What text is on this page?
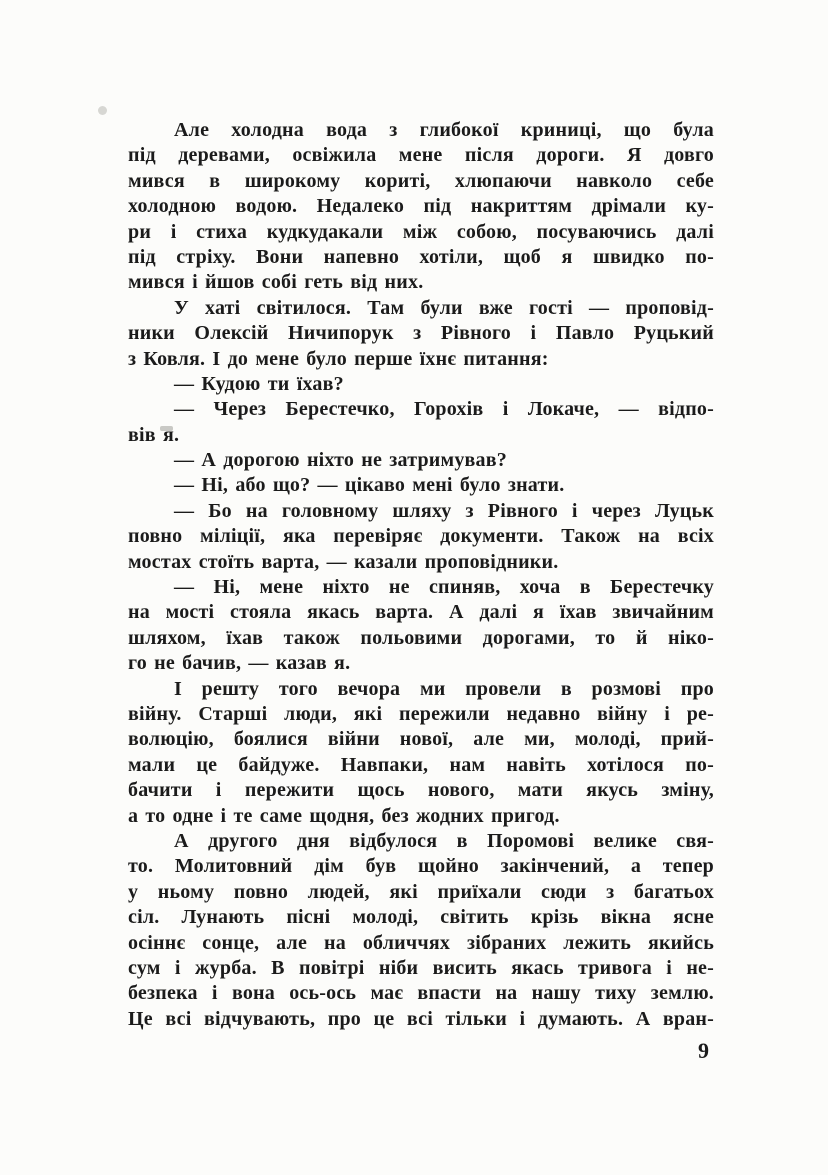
Але холодна вода з глибокої криниці, що була
під деревами, освіжила мене після дороги. Я довго
мився в широкому кориті, хлюпаючи навколо себе
холодною водою. Недалеко під накриттям дрімали ку-
ри і стиха кудкудакали між собою, посуваючись далі
під стріху. Вони напевно хотіли, щоб я швидко по-
мився і йшов собі геть від них.
У хаті світилося. Там були вже гості — проповід-
ники Олексій Ничипорук з Рівного і Павло Руцький
з Ковля. І до мене було перше їхнє питання:
— Кудою ти їхав?
— Через Берестечко, Горохів і Локаче, — відпо-
вів я.
— А дорогою ніхто не затримував?
— Ні, або що? — цікаво мені було знати.
— Бо на головному шляху з Рівного і через Луцьк
повно міліції, яка перевіряє документи. Також на всіх
мостах стоїть варта, — казали проповідники.
— Ні, мене ніхто не спиняв, хоча в Берестечку
на мості стояла якась варта. А далі я їхав звичайним
шляхом, їхав також польовими дорогами, то й ніко-
го не бачив, — казав я.
І решту того вечора ми провели в розмові про
війну. Старші люди, які пережили недавно війну і ре-
волюцію, боялися війни нової, але ми, молоді, прий-
мали це байдуже. Навпаки, нам навіть хотілося по-
бачити і пережити щось нового, мати якусь зміну,
а то одне і те саме щодня, без жодних пригод.
А другого дня відбулося в Поромові велике свя-
то. Молитовний дім був щойно закінчений, а тепер
у ньому повно людей, які приїхали сюди з багатьох
сіл. Лунають пісні молоді, світить крізь вікна ясне
осіннє сонце, але на обличчях зібраних лежить якийсь
сум і журба. В повітрі ніби висить якась тривога і не-
безпека і вона ось-ось має впасти на нашу тиху землю.
Це всі відчувають, про це всі тільки і думають. А вран-
9
